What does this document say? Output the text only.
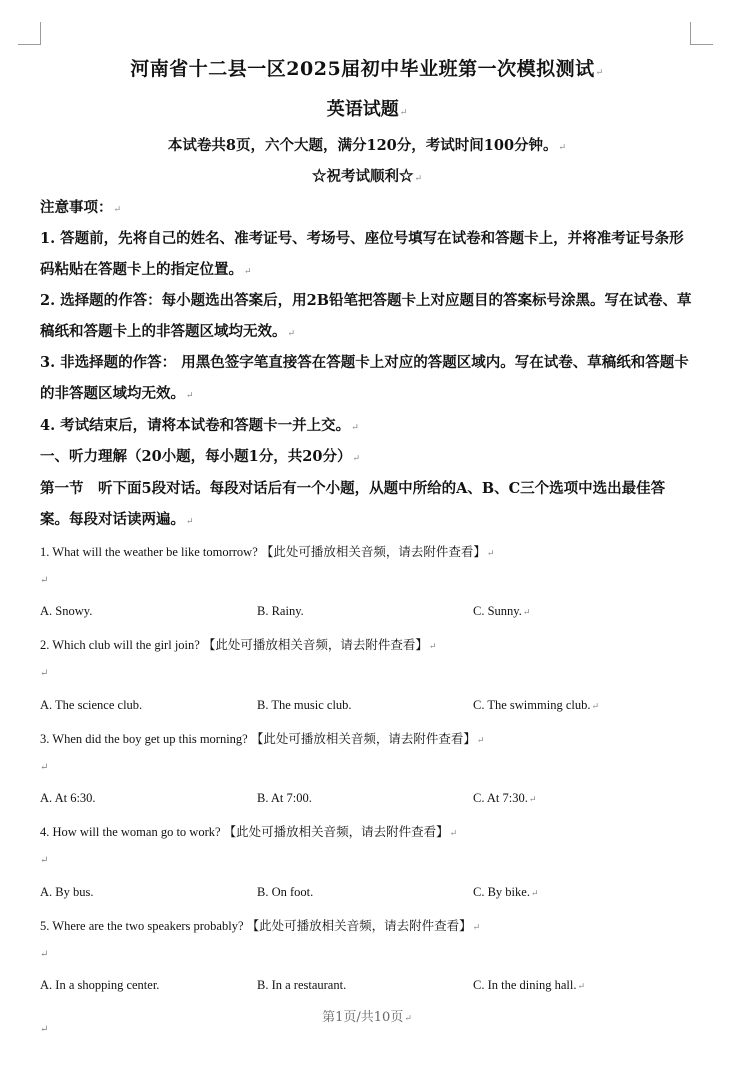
河南省十二县一区2025届初中毕业班第一次模拟测试↵
英语试题↵
本试卷共8页，六个大题，满分120分，考试时间100分钟。↵
☆祝考试顺利☆↵
注意事项：↵
1. 答题前，先将自己的姓名、准考证号、考场号、座位号填写在试卷和答题卡上，并将准考证号条形码粘贴在答题卡上的指定位置。↵
2. 选择题的作答：每小题选出答案后，用2B铅笔把答题卡上对应题目的答案标号涂黑。写在试卷、草稿纸和答题卡上的非答题区域均无效。↵
3. 非选择题的作答： 用黑色签字笔直接答在答题卡上对应的答题区域内。写在试卷、草稿纸和答题卡的非答题区域均无效。↵
4. 考试结束后，请将本试卷和答题卡一并上交。↵
一、听力理解（20小题，每小题1分，共20分）↵
第一节　听下面5段对话。每段对话后有一个小题，从题中所给的A、B、C三个选项中选出最佳答案。每段对话读两遍。↵
1. What will the weather be like tomorrow? 【此处可播放相关音频，请去附件查看】↵
↵
A. Snowy.	B. Rainy.	C. Sunny.↵
2. Which club will the girl join? 【此处可播放相关音频，请去附件查看】↵
↵
A. The science club.	B. The music club.	C. The swimming club.↵
3. When did the boy get up this morning? 【此处可播放相关音频，请去附件查看】↵
↵
A. At 6:30.	B. At 7:00.	C. At 7:30.↵
4. How will the woman go to work? 【此处可播放相关音频，请去附件查看】↵
↵
A. By bus.	B. On foot.	C. By bike.↵
5. Where are the two speakers probably? 【此处可播放相关音频，请去附件查看】↵
↵
A. In a shopping center.	B. In a restaurant.	C. In the dining hall.↵
第1页/共10页↵
↵
